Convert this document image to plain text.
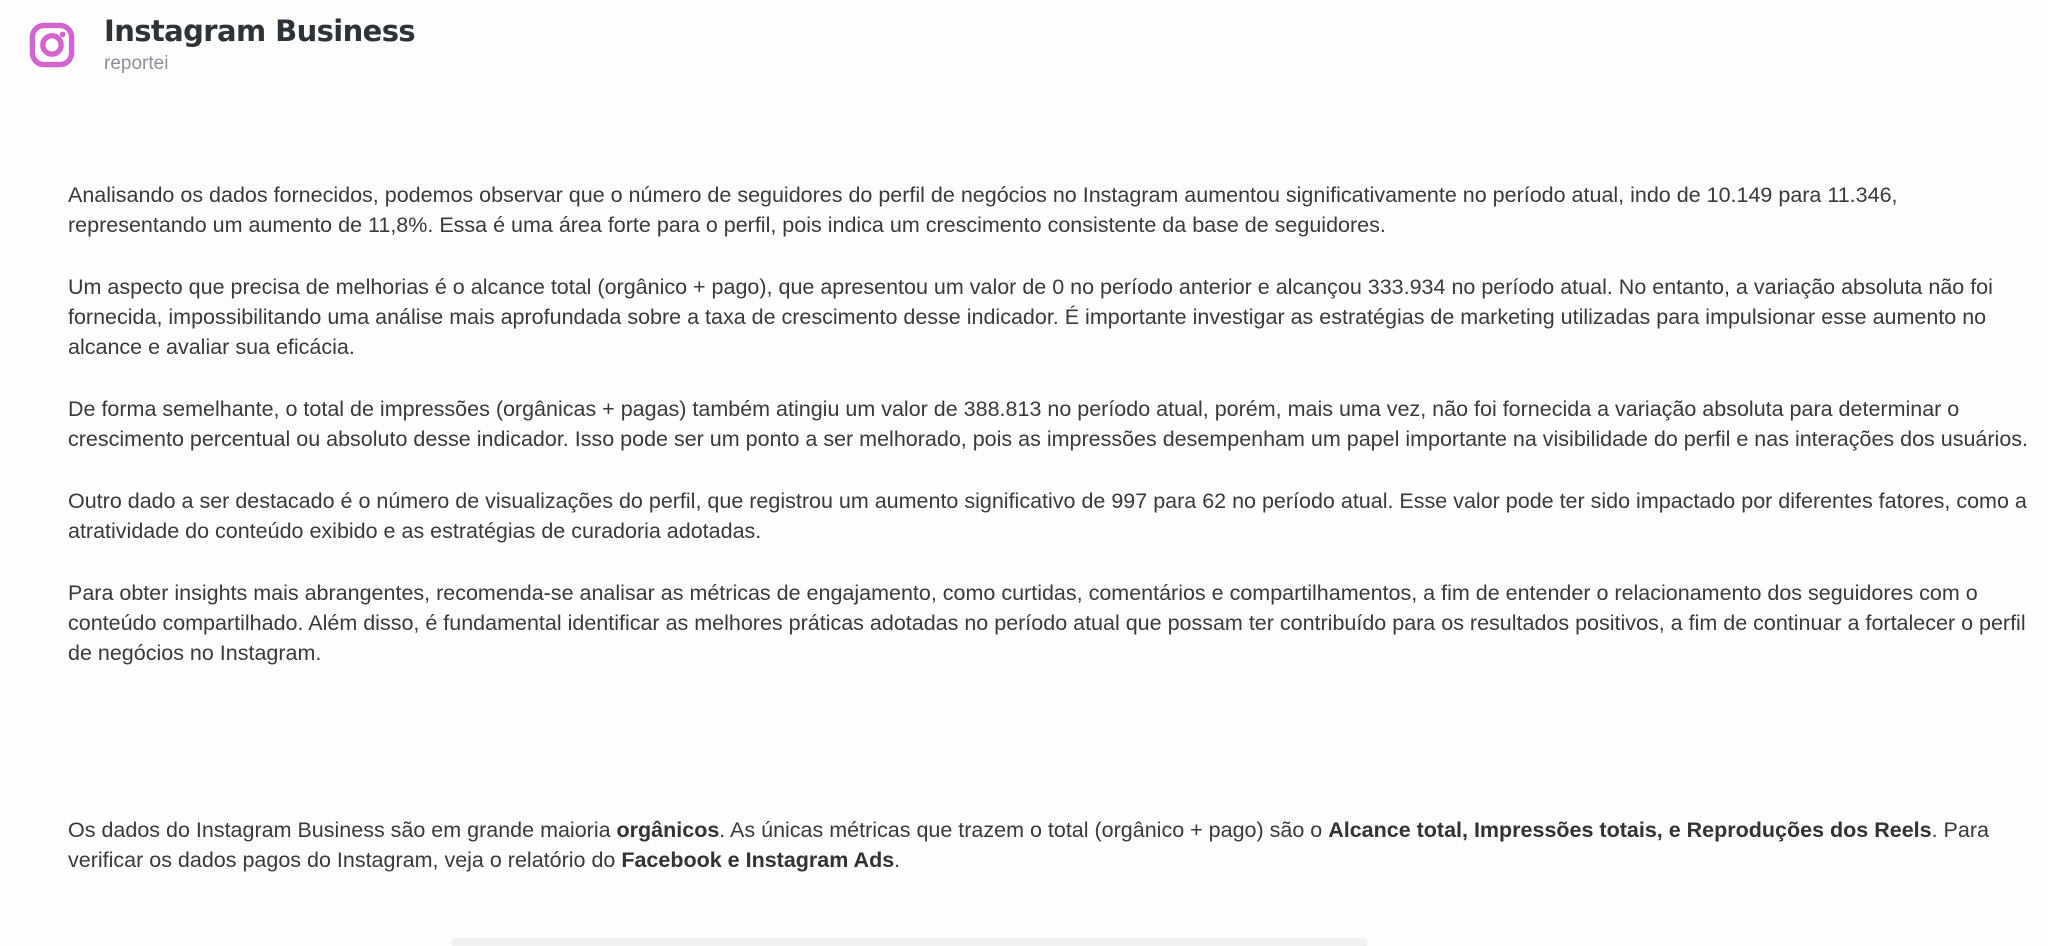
Instagram Business
reportei

Analisando os dados fornecidos, podemos observar que o número de seguidores do perfil de negócios no Instagram aumentou significativamente no período atual, indo de 10.149 para 11.346, representando um aumento de 11,8%. Essa é uma área forte para o perfil, pois indica um crescimento consistente da base de seguidores.

Um aspecto que precisa de melhorias é o alcance total (orgânico + pago), que apresentou um valor de 0 no período anterior e alcançou 333.934 no período atual. No entanto, a variação absoluta não foi fornecida, impossibilitando uma análise mais aprofundada sobre a taxa de crescimento desse indicador. É importante investigar as estratégias de marketing utilizadas para impulsionar esse aumento no alcance e avaliar sua eficácia.

De forma semelhante, o total de impressões (orgânicas + pagas) também atingiu um valor de 388.813 no período atual, porém, mais uma vez, não foi fornecida a variação absoluta para determinar o crescimento percentual ou absoluto desse indicador. Isso pode ser um ponto a ser melhorado, pois as impressões desempenham um papel importante na visibilidade do perfil e nas interações dos usuários.

Outro dado a ser destacado é o número de visualizações do perfil, que registrou um aumento significativo de 997 para 62 no período atual. Esse valor pode ter sido impactado por diferentes fatores, como a atratividade do conteúdo exibido e as estratégias de curadoria adotadas.

Para obter insights mais abrangentes, recomenda-se analisar as métricas de engajamento, como curtidas, comentários e compartilhamentos, a fim de entender o relacionamento dos seguidores com o conteúdo compartilhado. Além disso, é fundamental identificar as melhores práticas adotadas no período atual que possam ter contribuído para os resultados positivos, a fim de continuar a fortalecer o perfil de negócios no Instagram.

Os dados do Instagram Business são em grande maioria orgânicos. As únicas métricas que trazem o total (orgânico + pago) são o Alcance total, Impressões totais, e Reproduções dos Reels. Para verificar os dados pagos do Instagram, veja o relatório do Facebook e Instagram Ads.
